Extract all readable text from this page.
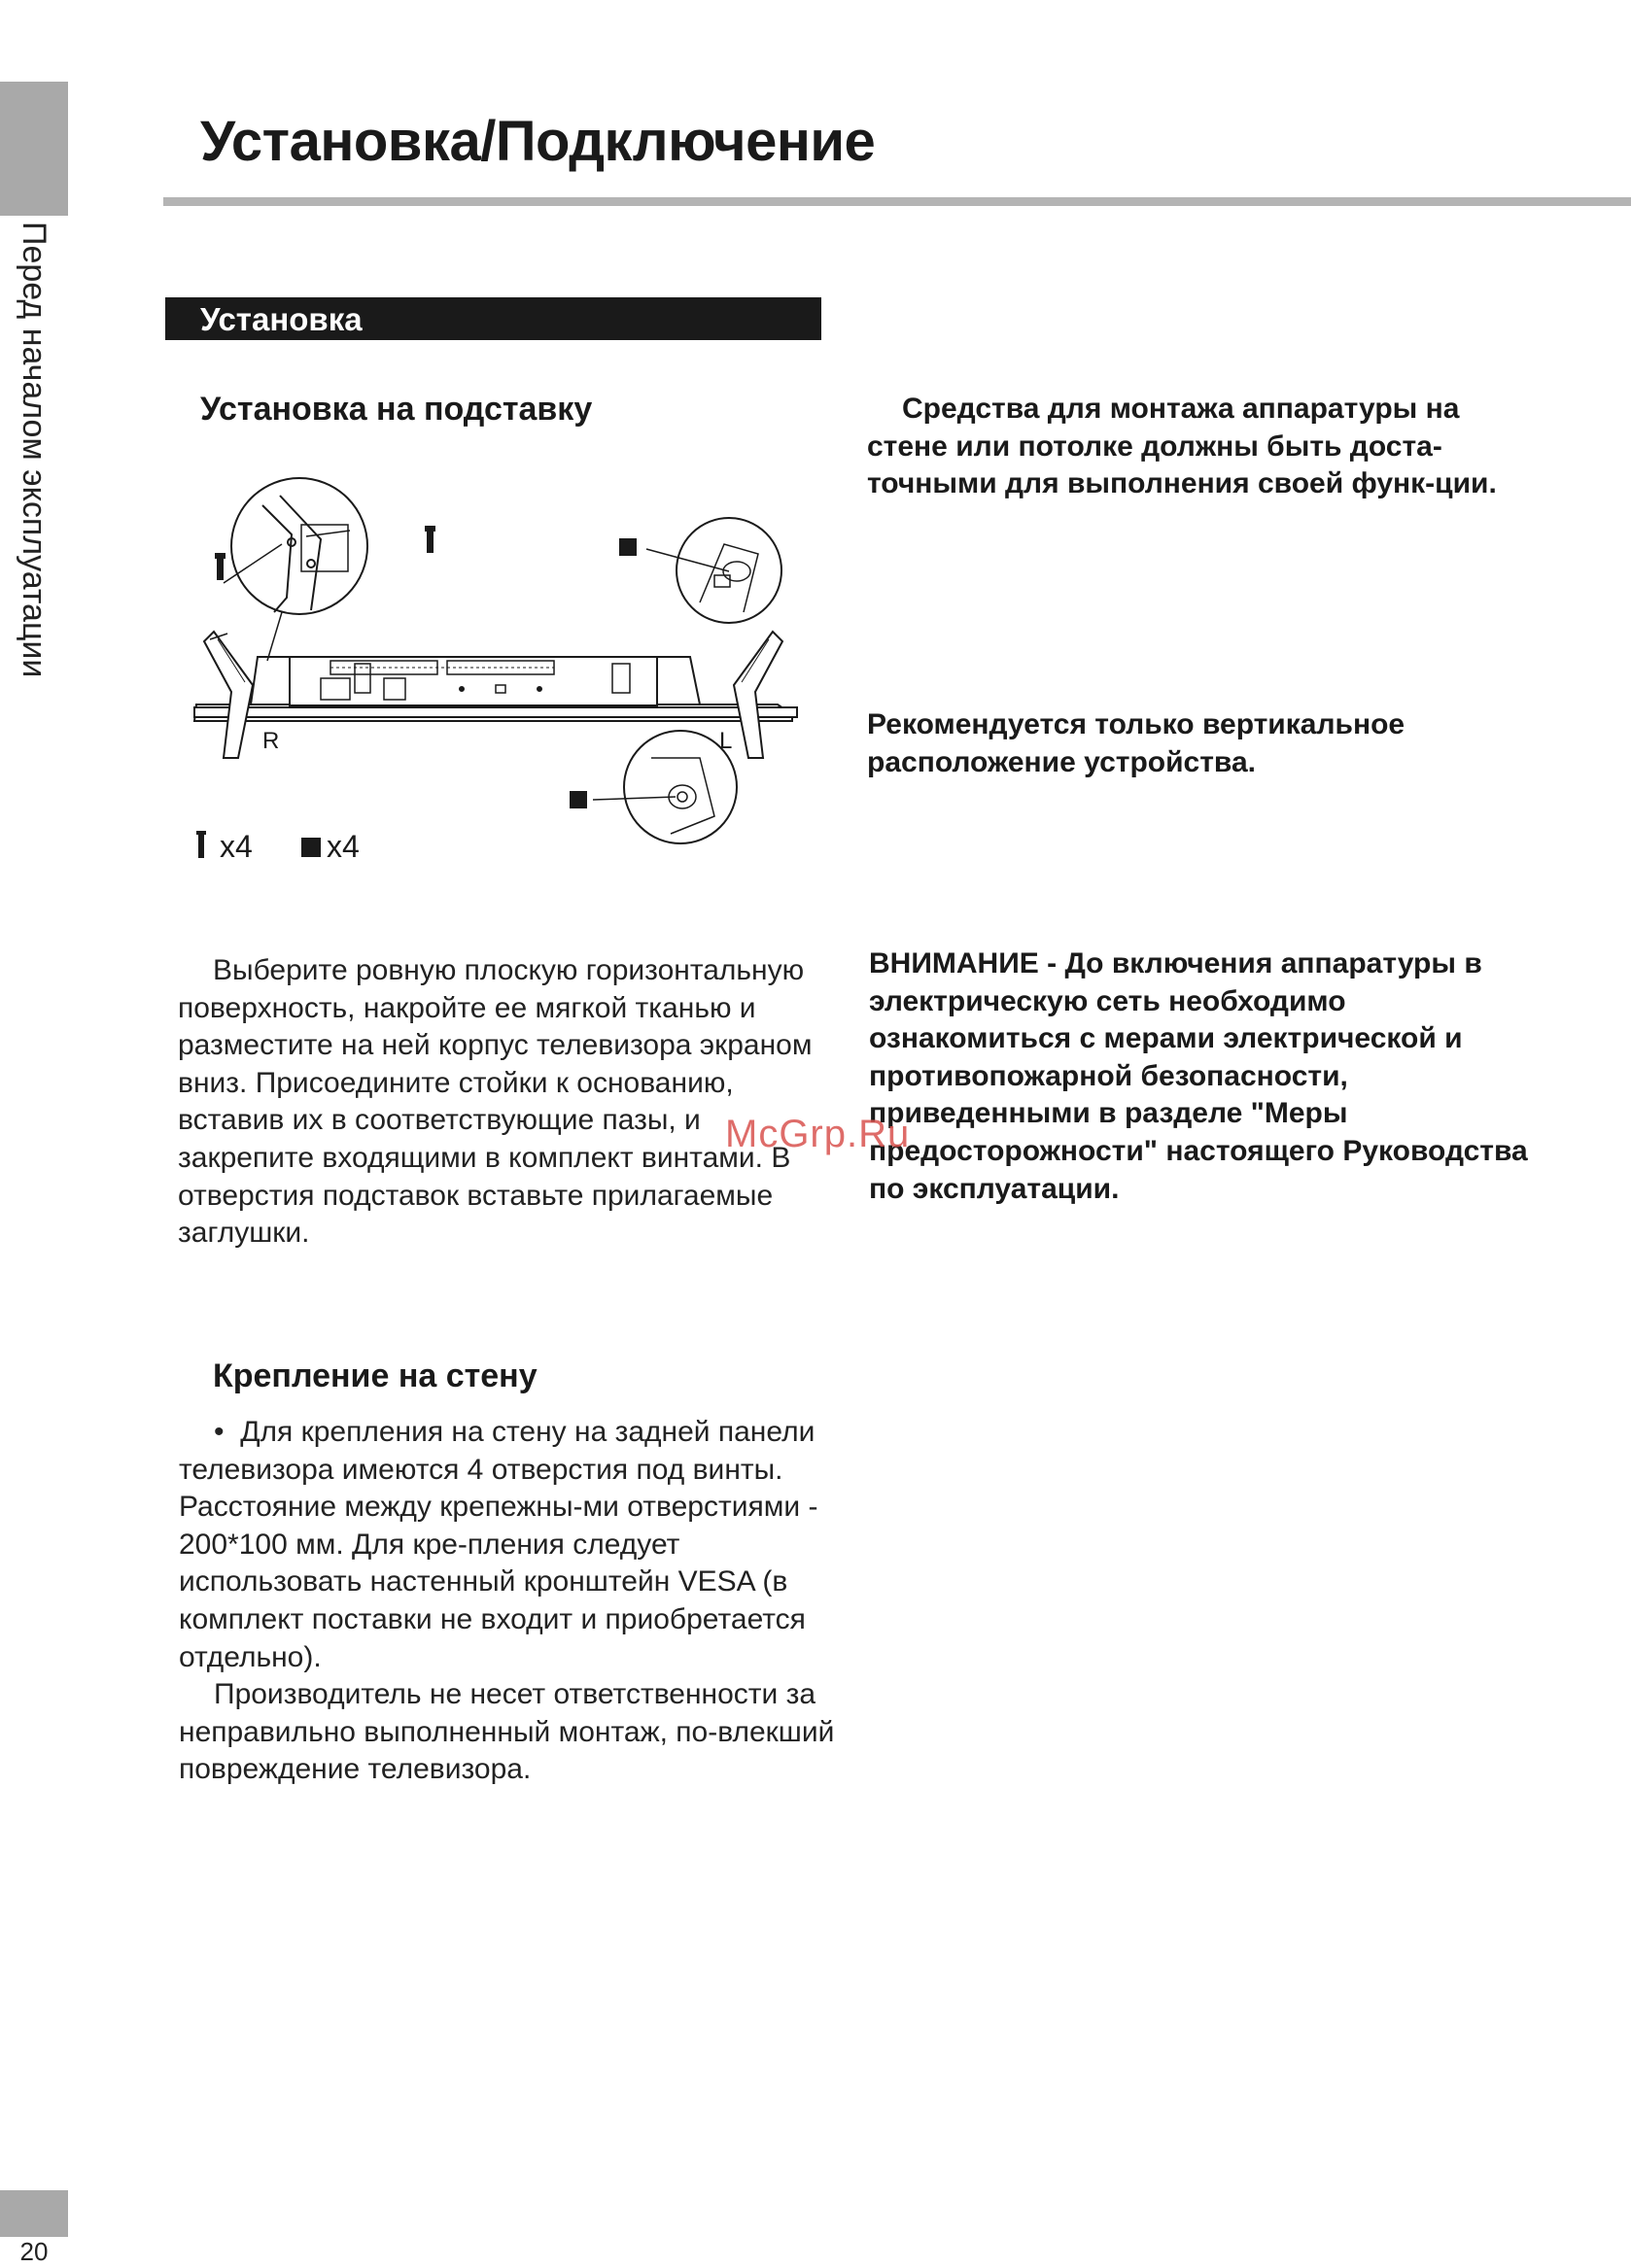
Перед началом эксплуатации
20
Установка/Подключение
Установка
Установка на подставку
R	L
x4 x4

Выберите ровную плоскую горизонтальную поверхность, накройте ее мягкой тканью и разместите на ней корпус телевизора экраном вниз. Присоедините стойки к основанию, вставив их в соответствующие пазы, и закрепите входящими в комплект винтами. В отверстия подставок вставьте прилагаемые заглушки.

Крепление на стену

•  Для крепления на стену на задней панели телевизора имеются 4 отверстия под винты. Расстояние между крепежны-ми отверстиями - 200*100 мм. Для кре-пления следует использовать настенный кронштейн VESA (в комплект поставки не входит и приобретается отдельно).

Производитель не несет ответственности за неправильно выполненный монтаж, по-влекший повреждение телевизора.

Средства для монтажа аппаратуры на стене или потолке должны быть доста-точными для выполнения своей функ-ции.

Рекомендуется только вертикальное расположение устройства.

ВНИМАНИЕ - До включения аппаратуры в электрическую сеть необходимо ознакомиться с мерами электрической и противопожарной безопасности, приведенными в разделе "Меры предосторожности" настоящего Руководства по эксплуатации.

McGrp.Ru
